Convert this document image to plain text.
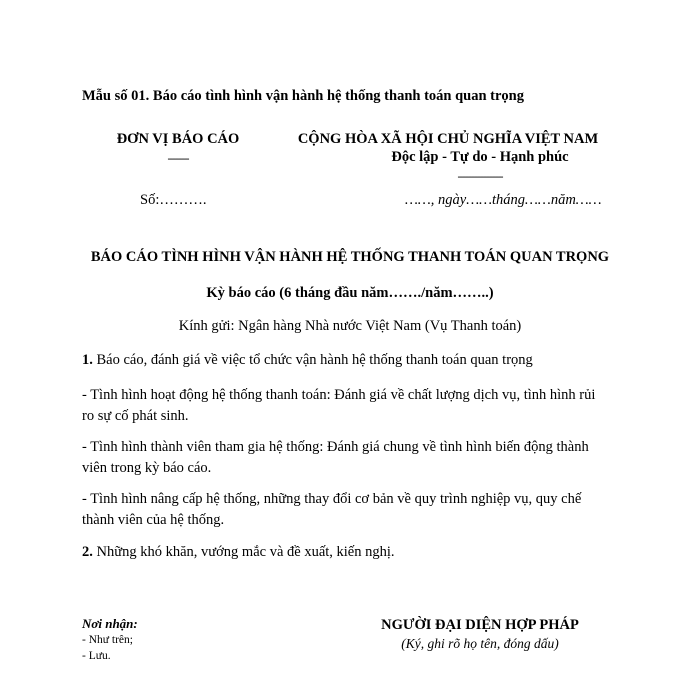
Mẫu số 01. Báo cáo tình hình vận hành hệ thống thanh toán quan trọng
ĐƠN VỊ BÁO CÁO
-------
Số:……….
CỘNG HÒA XÃ HỘI CHỦ NGHĨA VIỆT NAM
Độc lập - Tự do - Hạnh phúc
---------------
……, ngày……tháng……năm……
BÁO CÁO TÌNH HÌNH VẬN HÀNH HỆ THỐNG THANH TOÁN QUAN TRỌNG
Kỳ báo cáo (6 tháng đầu năm……./năm……..)
Kính gửi: Ngân hàng Nhà nước Việt Nam (Vụ Thanh toán)
1. Báo cáo, đánh giá về việc tổ chức vận hành hệ thống thanh toán quan trọng
- Tình hình hoạt động hệ thống thanh toán: Đánh giá về chất lượng dịch vụ, tình hình rủi ro sự cố phát sinh.
- Tình hình thành viên tham gia hệ thống: Đánh giá chung về tình hình biến động thành viên trong kỳ báo cáo.
- Tình hình nâng cấp hệ thống, những thay đổi cơ bản về quy trình nghiệp vụ, quy chế thành viên của hệ thống.
2. Những khó khăn, vướng mắc và đề xuất, kiến nghị.
Nơi nhận:
- Như trên;
- Lưu.
NGƯỜI ĐẠI DIỆN HỢP PHÁP
(Ký, ghi rõ họ tên, đóng dấu)
